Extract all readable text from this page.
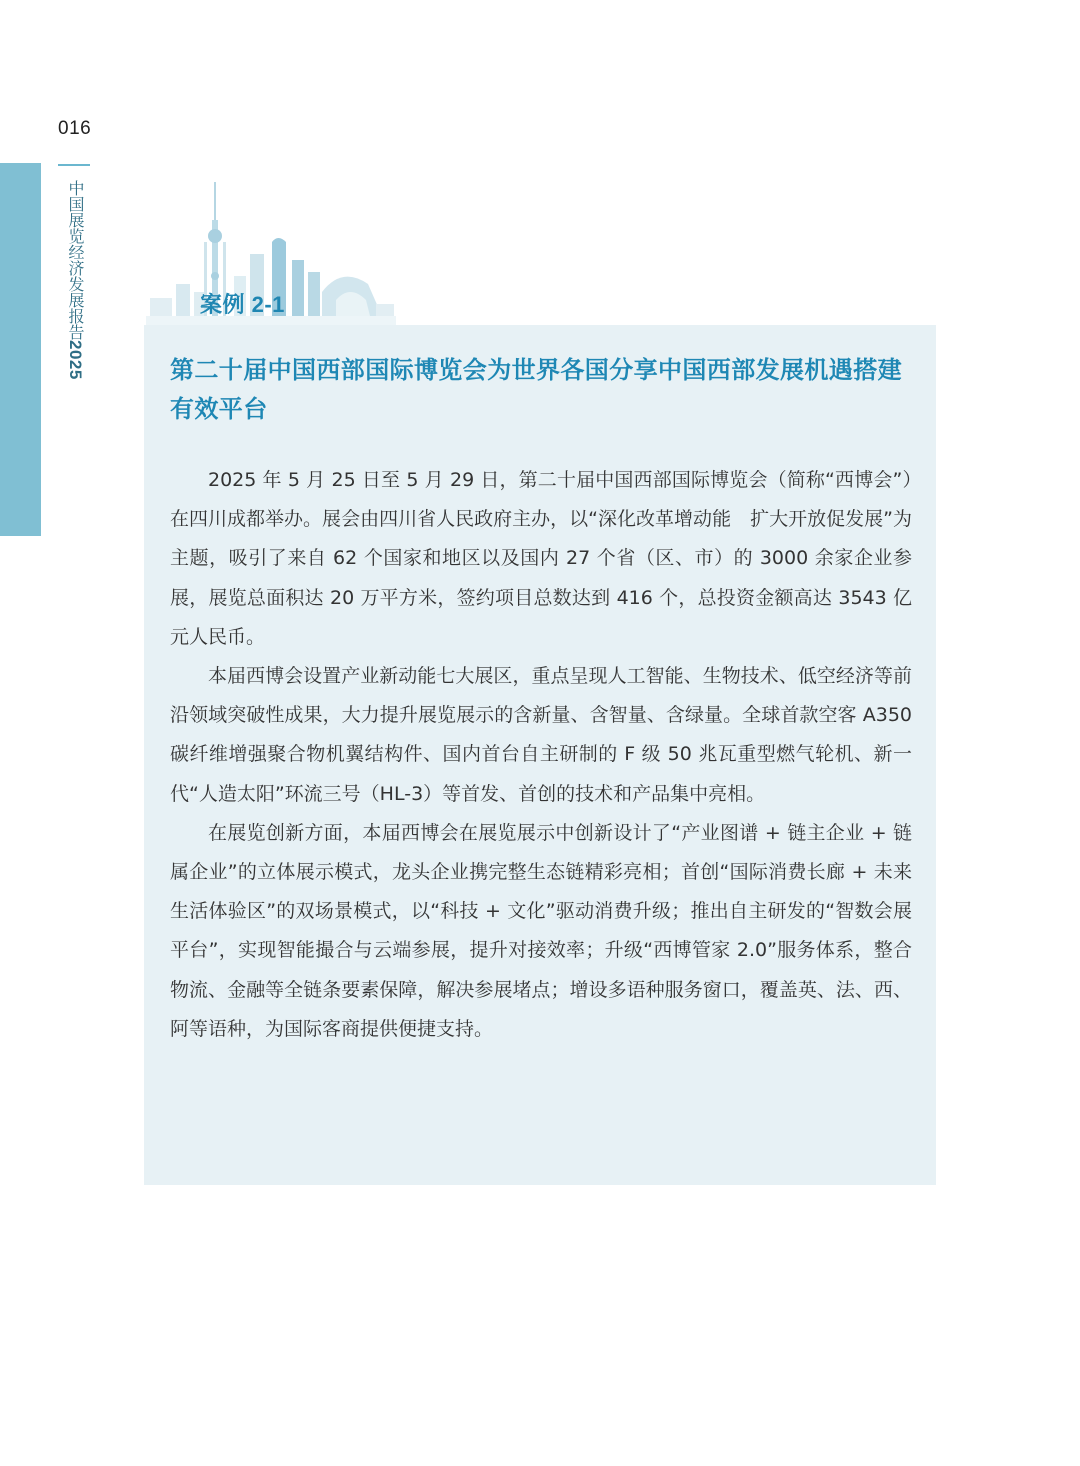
016
中国展览经济发展报告2025
案例 2-1
第二十届中国西部国际博览会为世界各国分享中国西部发展机遇搭建有效平台

2025 年 5 月 25 日至 5 月 29 日，第二十届中国西部国际博览会（简称“西博会”）在四川成都举办。展会由四川省人民政府主办，以“深化改革增动能　扩大开放促发展”为主题，吸引了来自 62 个国家和地区以及国内 27 个省（区、市）的 3000 余家企业参展，展览总面积达 20 万平方米，签约项目总数达到 416 个，总投资金额高达 3543 亿元人民币。

本届西博会设置产业新动能七大展区，重点呈现人工智能、生物技术、低空经济等前沿领域突破性成果，大力提升展览展示的含新量、含智量、含绿量。全球首款空客 A350 碳纤维增强聚合物机翼结构件、国内首台自主研制的 F 级 50 兆瓦重型燃气轮机、新一代“人造太阳”环流三号（HL-3）等首发、首创的技术和产品集中亮相。

在展览创新方面，本届西博会在展览展示中创新设计了“产业图谱 + 链主企业 + 链属企业”的立体展示模式，龙头企业携完整生态链精彩亮相；首创“国际消费长廊 + 未来生活体验区”的双场景模式，以“科技 + 文化”驱动消费升级；推出自主研发的“智数会展平台”，实现智能撮合与云端参展，提升对接效率；升级“西博管家 2.0”服务体系，整合物流、金融等全链条要素保障，解决参展堵点；增设多语种服务窗口，覆盖英、法、西、阿等语种，为国际客商提供便捷支持。
